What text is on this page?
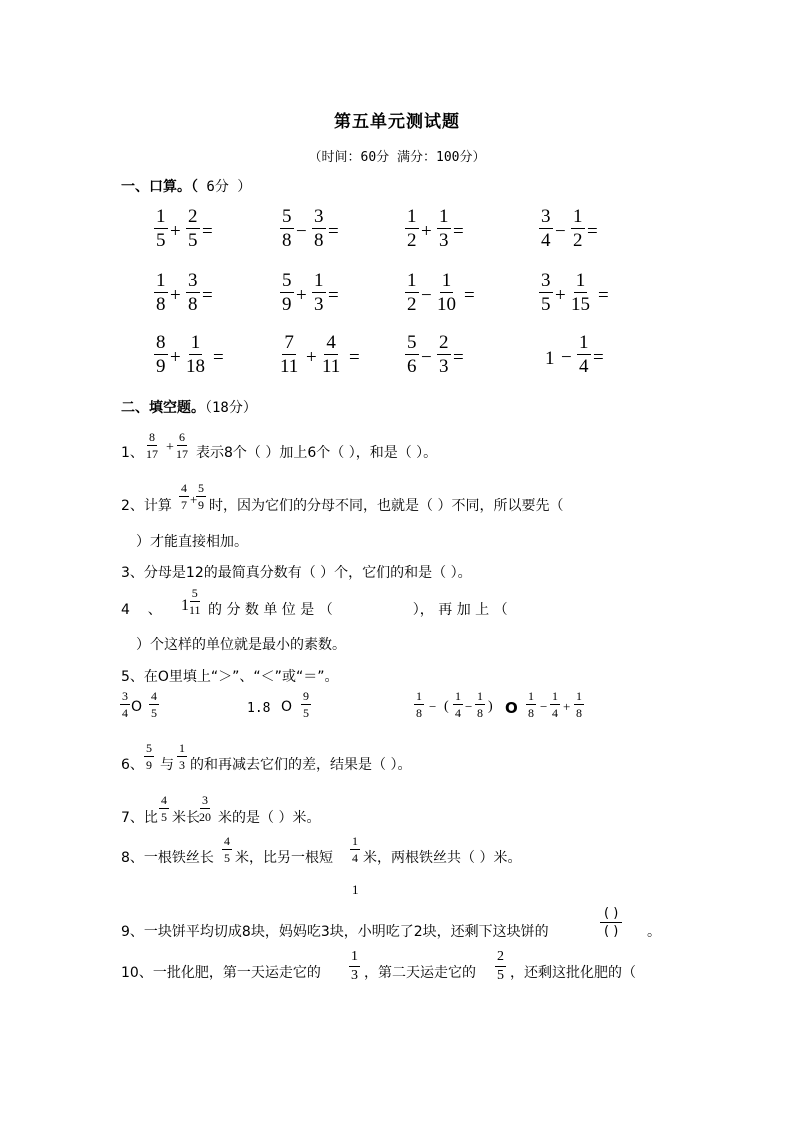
第五单元测试题
（时间：60分 满分：100分）
一、口算。（ 6分 ）
1
5 +
2
5 =
5
8 −
3
8 =
1
2 +
1
3 =
3
4 −
1
2 =
1
8 +
3
8 =
5
9 +
1
3 =
1
2 −
1
10 =
3
5 +
1
15 =
8
9 +
1
18 =
7
11 +
4
11 =
5
6 −
2
3 =	1 −
1
4 =
二、填空题。（18分）
1、
8
17 +
6
17 表示8个（ ）加上6个（ ），和是（ ）。
2、计算
4
7 +
5
9 时，因为它们的分母不同，也就是（ ）不同，所以要先（
）才能直接相加。
3、分母是12的最简真分数有（ ）个，它们的和是（ ）。
4    、 1
5
11 的 分 数 单 位 是 （                  ）， 再 加 上 （
）个这样的单位就是最小的素数。
5、在O里填上“＞”、“＜”或“＝”。
3
4 O
4
5	1.8 O
9
5
1
8 − (
1
4 −
1
8 ) O
1
8 −
1
4 +
1
8
6、
5
9 与
1
3 的和再减去它们的差，结果是（ ）。
7、比
4
5 米长
3
20 米的是（ ）米。
8、一根铁丝长
4
5 米，比另一根短
1
4 米，两根铁丝共（ ）米。
1
9、一块饼平均切成8块，妈妈吃3块，小明吃了2块，还剩下这块饼的
( )
( ) 。
10、一批化肥，第一天运走它的
1
3 ，第二天运走它的
2
5 ，还剩这批化肥的（
